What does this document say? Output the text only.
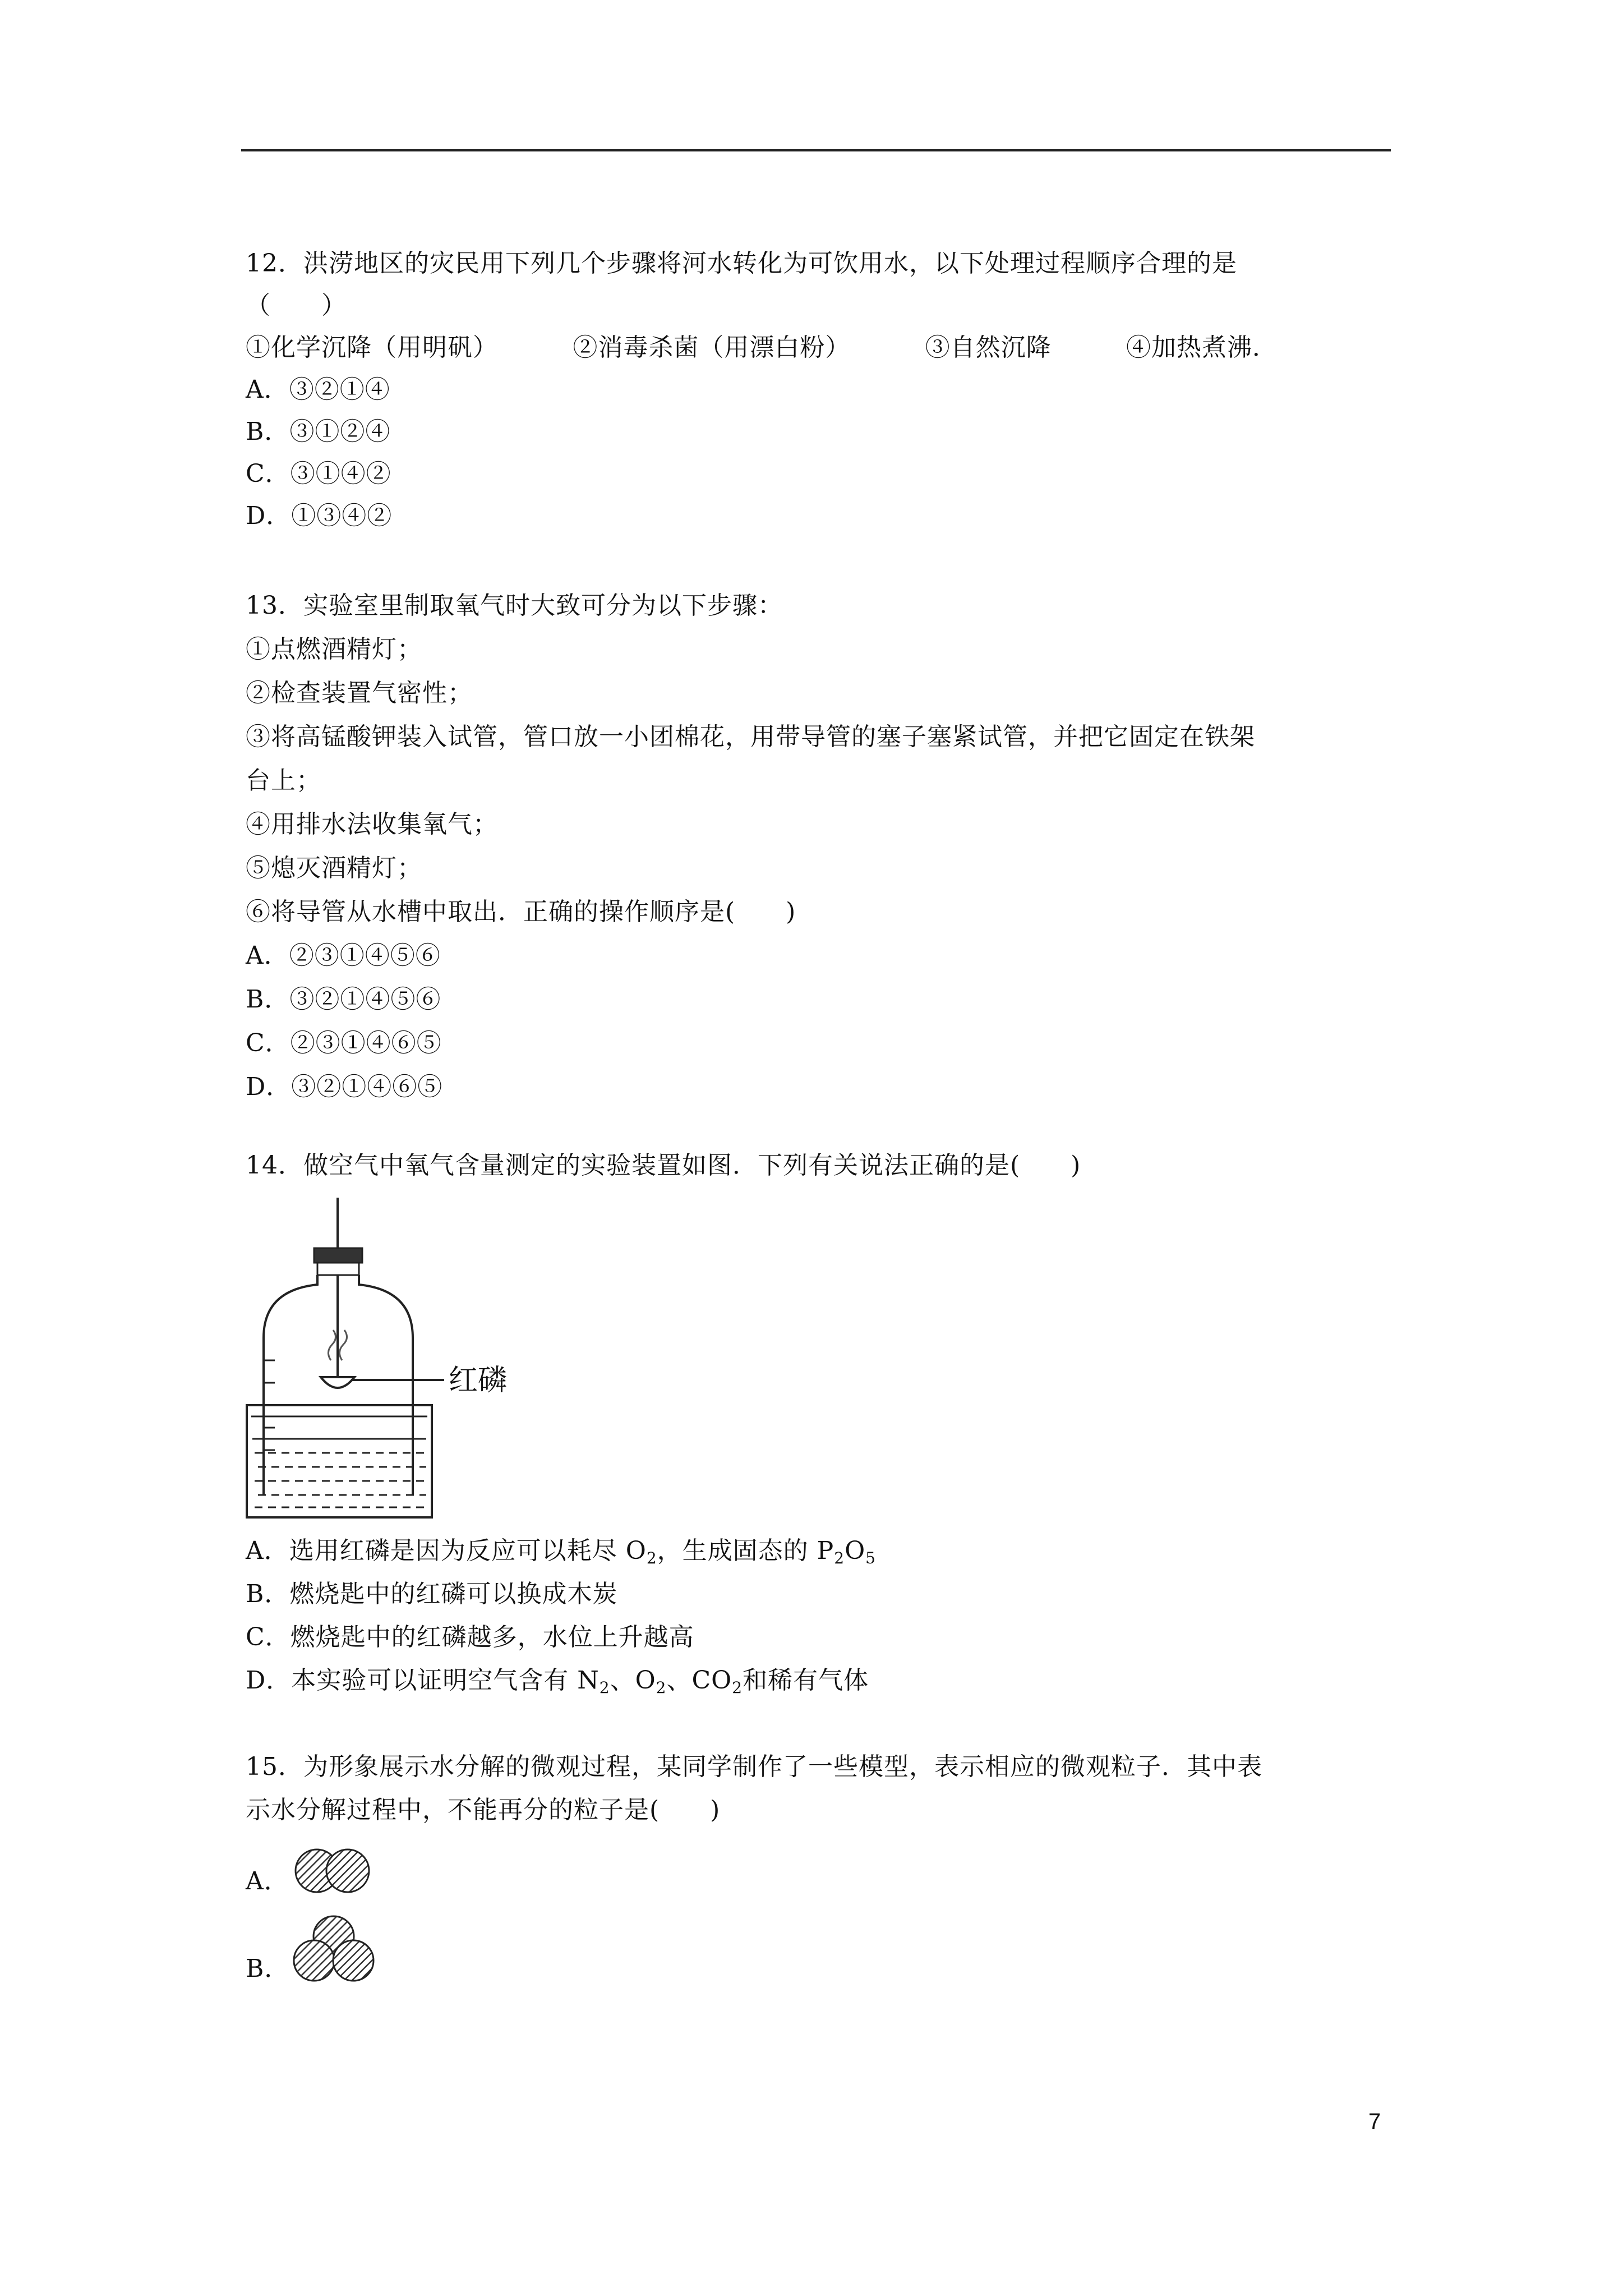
12．洪涝地区的灾民用下列几个步骤将河水转化为可饮用水，以下处理过程顺序合理的是
（　　）
①化学沉降（用明矾）	②消毒杀菌（用漂白粉）	③自然沉降	④加热煮沸．
A．③②①④
B．③①②④
C．③①④②
D．①③④②
13．实验室里制取氧气时大致可分为以下步骤：
①点燃酒精灯；
②检查装置气密性；
③将高锰酸钾装入试管，管口放一小团棉花，用带导管的塞子塞紧试管，并把它固定在铁架
台上；
④用排水法收集氧气；
⑤熄灭酒精灯；
⑥将导管从水槽中取出．正确的操作顺序是(　　)
A．②③①④⑤⑥
B．③②①④⑤⑥
C．②③①④⑥⑤
D．③②①④⑥⑤
14．做空气中氧气含量测定的实验装置如图．下列有关说法正确的是(　　)
红磷
A．选用红磷是因为反应可以耗尽 $O_2$，生成固态的 $P_2O_5$
B．燃烧匙中的红磷可以换成木炭
C．燃烧匙中的红磷越多，水位上升越高
D．本实验可以证明空气含有 $N_2$、$O_2$、$CO_2$和稀有气体
15．为形象展示水分解的微观过程，某同学制作了一些模型，表示相应的微观粒子．其中表
示水分解过程中，不能再分的粒子是(　　)
A．
B．
7
